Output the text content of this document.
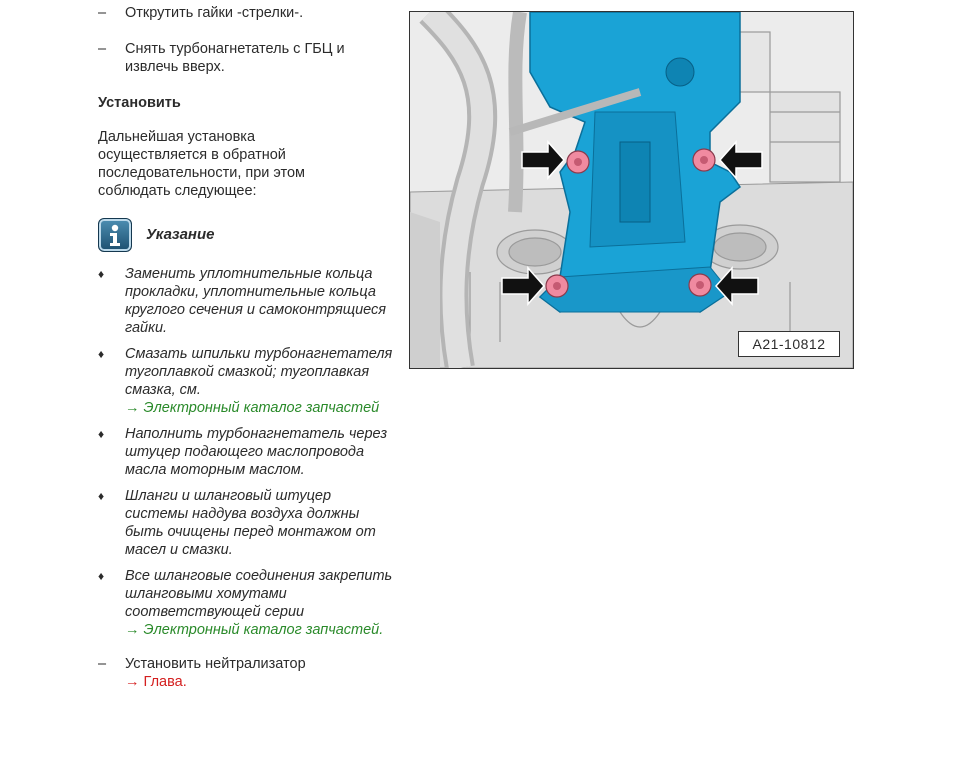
– Открутить гайки -стрелки-.
– Снять турбонагнетатель с ГБЦ и извлечь вверх.
Установить
Дальнейшая установка осуществляется в обратной последовательности, при этом соблюдать следующее:
Указание
♦ Заменить уплотнительные кольца прокладки, уплотнительные кольца круглого сечения и самоконтрящиеся гайки.
♦ Смазать шпильки турбонагнетателя тугоплавкой смазкой; тугоплавкая смазка, см.
→ Электронный каталог запчастей
♦ Наполнить турбонагнетатель через штуцер подающего маслопровода масла моторным маслом.
♦ Шланги и шланговый штуцер системы наддува воздуха должны быть очищены перед монтажом от масел и смазки.
♦ Все шланговые соединения закрепить шланговыми хомутами соответствующей серии
→ Электронный каталог запчастей.
– Установить нейтрализатор
→ Глава.
A21-10812
